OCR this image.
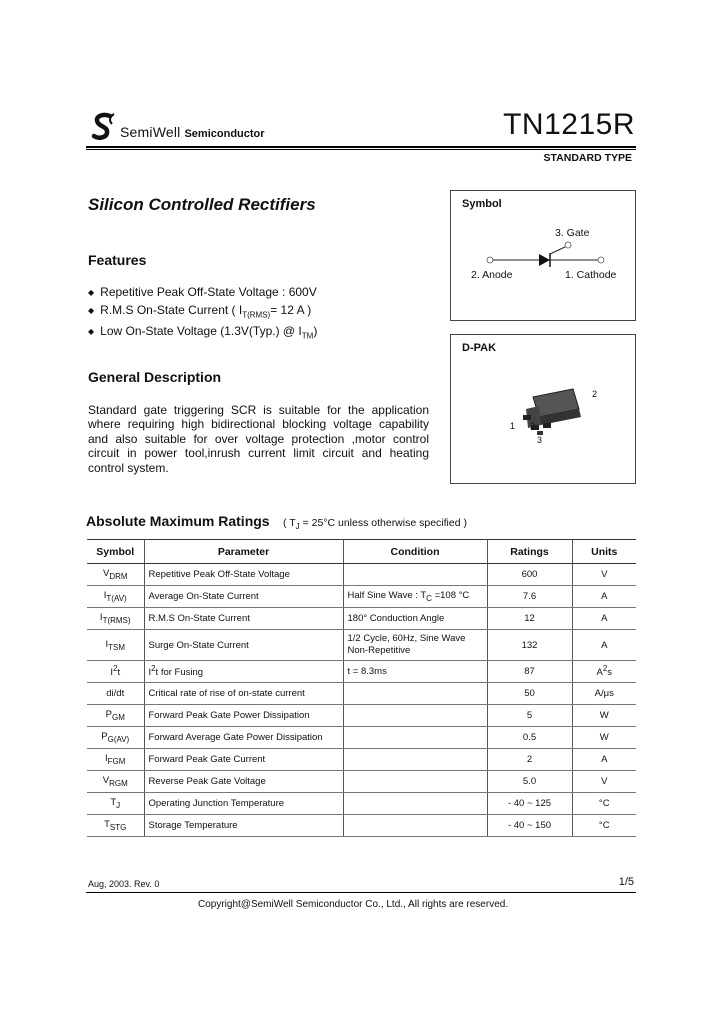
SemiWell Semiconductor	TN1215R
STANDARD TYPE
Silicon Controlled Rectifiers
Features
◆ Repetitive Peak Off-State Voltage : 600V
◆ R.M.S On-State Current ( $I_{T(RMS)}= 12$ A )
◆ Low On-State Voltage (1.3V(Typ.) @ $I_{TM}$)
General Description
Standard gate triggering SCR is suitable for the application where requiring high bidirectional blocking voltage capability and also suitable for over voltage protection ,motor control circuit in power tool,inrush current limit circuit and heating control system.
Symbol
3. Gate
2. Anode	1. Cathode
D-PAK
2
1 2
3
Absolute Maximum Ratings ( $T_J = 25^\circ C$ unless otherwise specified )
Symbol	Parameter	Condition	Ratings	Units
$V_{DRM}$	Repetitive Peak Off-State Voltage		600	V
$I_{T(AV)}$	Average On-State Current	Half Sine Wave : $T_C =108$ °C	7.6	A
$I_{T(RMS)}$	R.M.S On-State Current	180° Conduction Angle	12	A
$I_{TSM}$	Surge On-State Current	1/2 Cycle, 60Hz, Sine Wave
Non-Repetitive	132	A
$I^2t$	$I^2t$ for Fusing	t = 8.3ms	87	$A^2s$
di/dt	Critical rate of rise of on-state current		50	A/μs
$P_{GM}$	Forward Peak Gate Power Dissipation		5	W
$P_{G(AV)}$	Forward Average Gate Power Dissipation		0.5	W
$I_{FGM}$	Forward Peak Gate Current		2	A
$V_{RGM}$	Reverse Peak Gate Voltage		5.0	V
$T_J$	Operating Junction Temperature		- 40 ~ 125	°C
$T_{STG}$	Storage Temperature		- 40 ~ 150	°C
Aug, 2003. Rev. 0	1/5
Copyright@SemiWell Semiconductor Co., Ltd., All rights are reserved.
